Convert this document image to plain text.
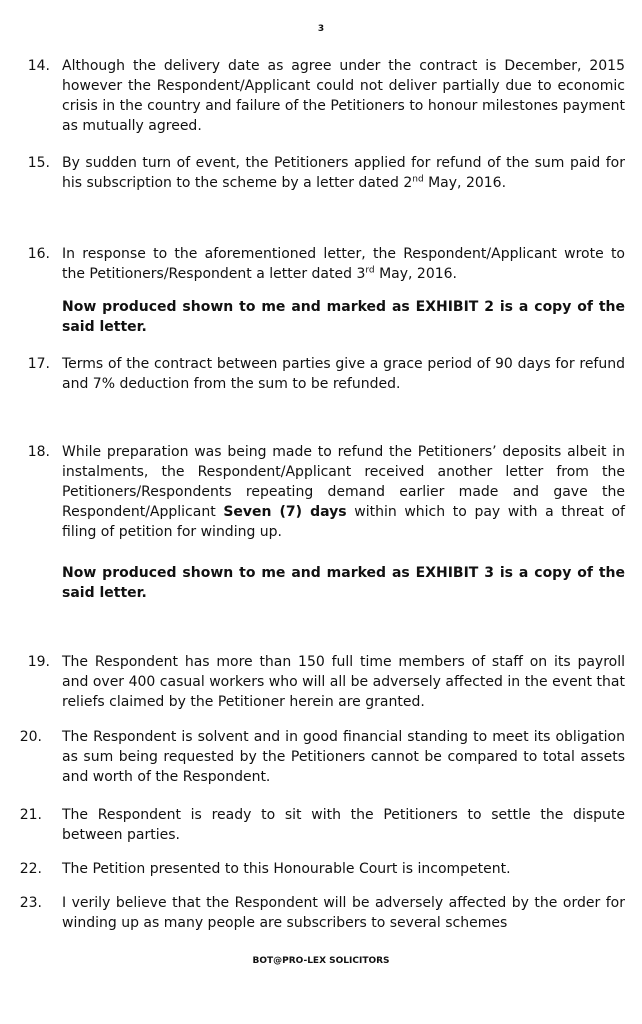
3
14. Although the delivery date as agree under the contract is December, 2015 however the Respondent/Applicant could not deliver partially due to economic crisis in the country and failure of the Petitioners to honour milestones payment as mutually agreed.
15. By sudden turn of event, the Petitioners applied for refund of the sum paid for his subscription to the scheme by a letter dated 2nd May, 2016.
16. In response to the aforementioned letter, the Respondent/Applicant wrote to the Petitioners/Respondent a letter dated 3rd May, 2016.
Now produced shown to me and marked as EXHIBIT 2 is a copy of the said letter.
17. Terms of the contract between parties give a grace period of 90 days for refund and 7% deduction from the sum to be refunded.
18. While preparation was being made to refund the Petitioners’ deposits albeit in instalments, the Respondent/Applicant received another letter from the Petitioners/Respondents repeating demand earlier made and gave the Respondent/Applicant Seven (7) days within which to pay with a threat of filing of petition for winding up.
Now produced shown to me and marked as EXHIBIT 3 is a copy of the said letter.
19. The Respondent has more than 150 full time members of staff on its payroll and over 400 casual workers who will all be adversely affected in the event that reliefs claimed by the Petitioner herein are granted.
20. The Respondent is solvent and in good financial standing to meet its obligation as sum being requested by the Petitioners cannot be compared to total assets and worth of the Respondent.
21. The Respondent is ready to sit with the Petitioners to settle the dispute between parties.
22. The Petition presented to this Honourable Court is incompetent.
23. I verily believe that the Respondent will be adversely affected by the order for winding up as many people are subscribers to several schemes
BOT@PRO-LEX SOLICITORS
